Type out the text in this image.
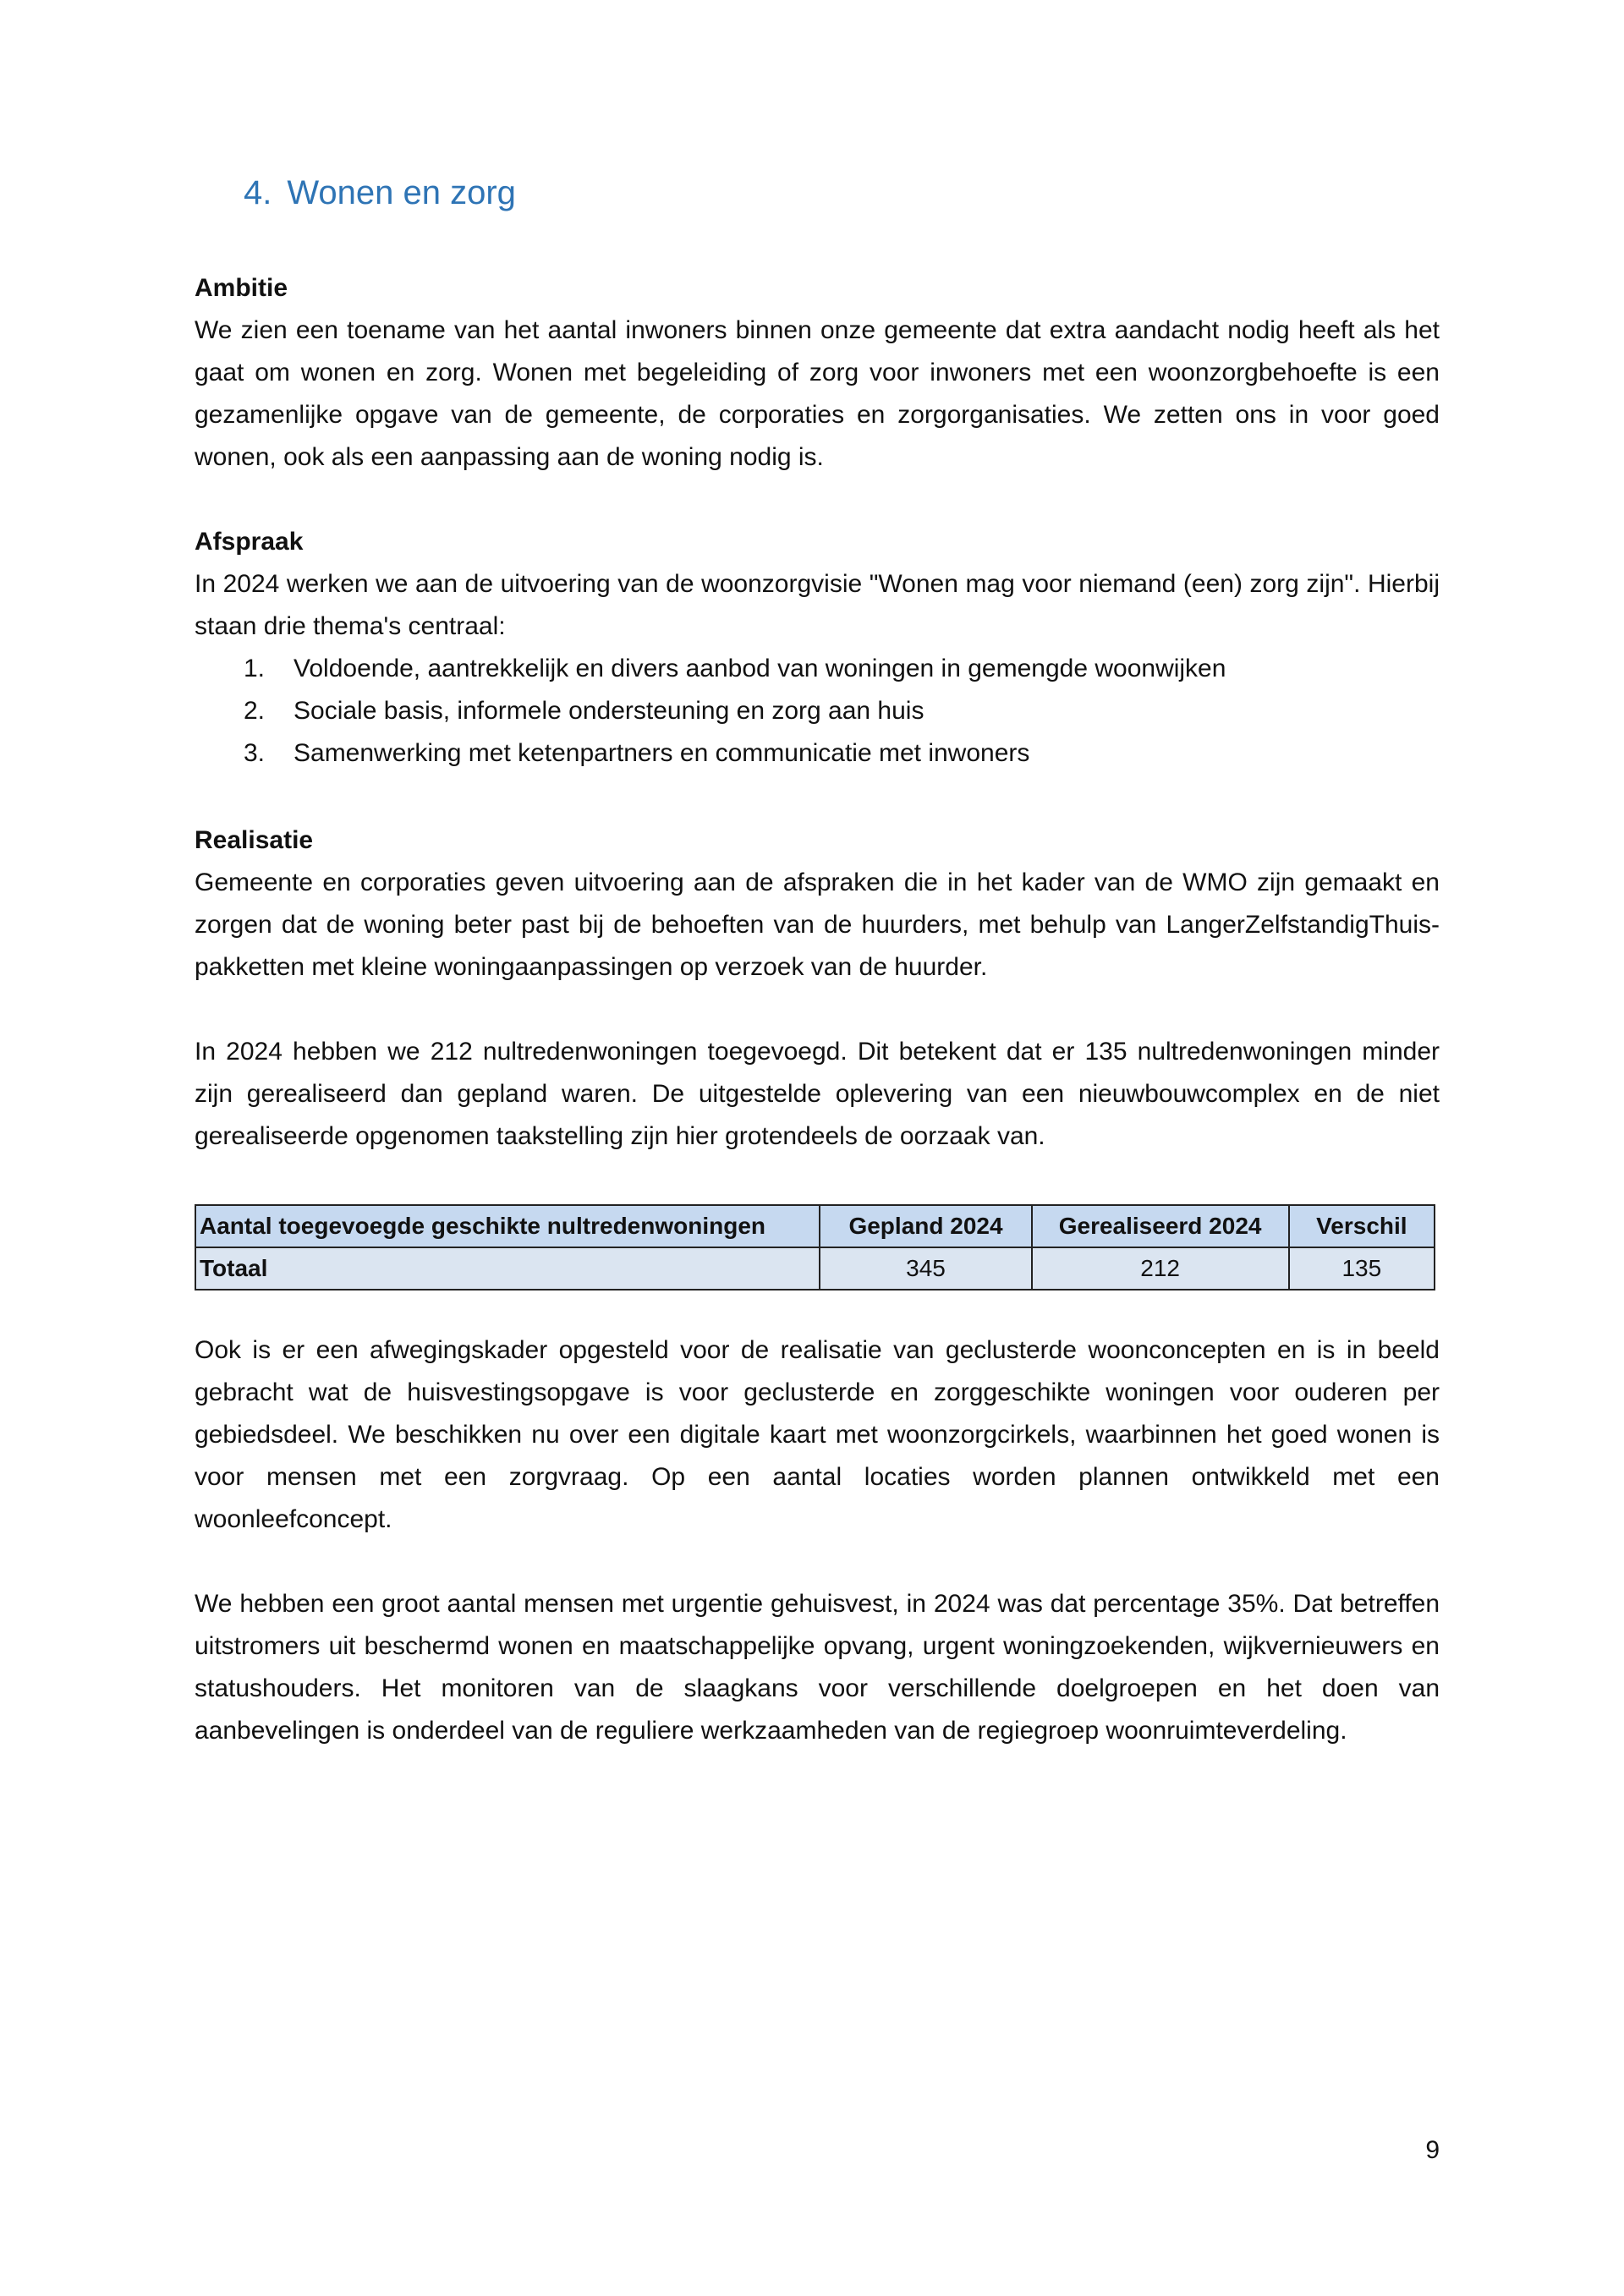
4. Wonen en zorg

Ambitie

We zien een toename van het aantal inwoners binnen onze gemeente dat extra aandacht nodig heeft als het gaat om wonen en zorg. Wonen met begeleiding of zorg voor inwoners met een woonzorgbehoefte is een gezamenlijke opgave van de gemeente, de corporaties en zorgorganisaties. We zetten ons in voor goed wonen, ook als een aanpassing aan de woning nodig is.

Afspraak

In 2024 werken we aan de uitvoering van de woonzorgvisie "Wonen mag voor niemand (een) zorg zijn". Hierbij staan drie thema's centraal:

1. Voldoende, aantrekkelijk en divers aanbod van woningen in gemengde woonwijken
2. Sociale basis, informele ondersteuning en zorg aan huis
3. Samenwerking met ketenpartners en communicatie met inwoners

Realisatie

Gemeente en corporaties geven uitvoering aan de afspraken die in het kader van de WMO zijn gemaakt en zorgen dat de woning beter past bij de behoeften van de huurders, met behulp van LangerZelfstandigThuis-pakketten met kleine woningaanpassingen op verzoek van de huurder.

In 2024 hebben we 212 nultredenwoningen toegevoegd. Dit betekent dat er 135 nultredenwoningen minder zijn gerealiseerd dan gepland waren. De uitgestelde oplevering van een nieuwbouwcomplex en de niet gerealiseerde opgenomen taakstelling zijn hier grotendeels de oorzaak van.

Aantal toegevoegde geschikte nultredenwoningen	Gepland 2024	Gerealiseerd 2024	Verschil
Totaal	345	212	135

Ook is er een afwegingskader opgesteld voor de realisatie van geclusterde woonconcepten en is in beeld gebracht wat de huisvestingsopgave is voor geclusterde en zorggeschikte woningen voor ouderen per gebiedsdeel. We beschikken nu over een digitale kaart met woonzorgcirkels, waarbinnen het goed wonen is voor mensen met een zorgvraag. Op een aantal locaties worden plannen ontwikkeld met een woonleefconcept.

We hebben een groot aantal mensen met urgentie gehuisvest, in 2024 was dat percentage 35%. Dat betreffen uitstromers uit beschermd wonen en maatschappelijke opvang, urgent woningzoekenden, wijkvernieuwers en statushouders. Het monitoren van de slaagkans voor verschillende doelgroepen en het doen van aanbevelingen is onderdeel van de reguliere werkzaamheden van de regiegroep woonruimteverdeling.

9
